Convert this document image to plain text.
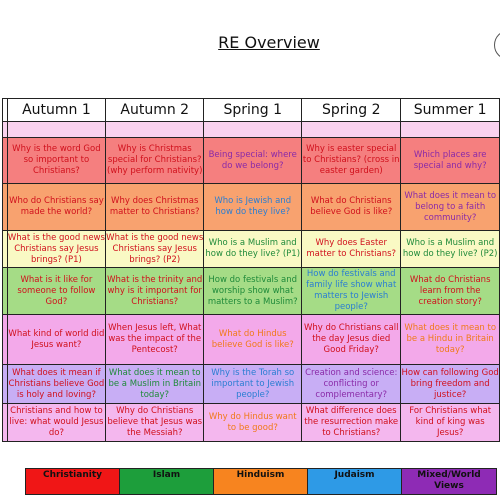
RE Overview
	Autumn 1	Autumn 2	Spring 1	Spring 2	Summer 1

	Why is the word God so important to Christians?	Why is Christmas special for Christians? (why perform nativity)	Being special: where do we belong?	Why is easter special to Christians? (cross in easter garden)	Which places are special and why?
	Who do Christians say made the world?	Why does Christmas matter to Christians?	Who is Jewish and how do they live?	What do Christians believe God is like?	What does it mean to belong to a faith community?
	What is the good news Christians say Jesus brings? (P1)	What is the good news Christians say Jesus brings? (P2)	Who is a Muslim and how do they live? (P1)	Why does Easter matter to Christians?	Who is a Muslim and how do they live? (P2)
	What is it like for someone to follow God?	What is the trinity and why is it important for Christians?	How do festivals and worship show what matters to a Muslim?	How do festivals and family life show what matters to Jewish people?	What do Christians learn from the creation story?
	What kind of world did Jesus want?	When Jesus left, What was the impact of the Pentecost?	What do Hindus believe God is like?	Why do Christians call the day Jesus died Good Friday?	What does it mean to be a Hindu in Britain today?
	What does it mean if Christians believe God is holy and loving?	What does it mean to be a Muslim in Britain today?	Why is the Torah so important to Jewish people?	Creation and science: conflicting or complementary?	How can following God bring freedom and justice?
	Christians and how to live: what would Jesus do?	Why do Christians believe that Jesus was the Messiah?	Why do Hindus want to be good?	What difference does the resurrection make to Christians?	For Christians what kind of king was Jesus?
Christianity	Islam	Hinduism	Judaism	Mixed/World Views
